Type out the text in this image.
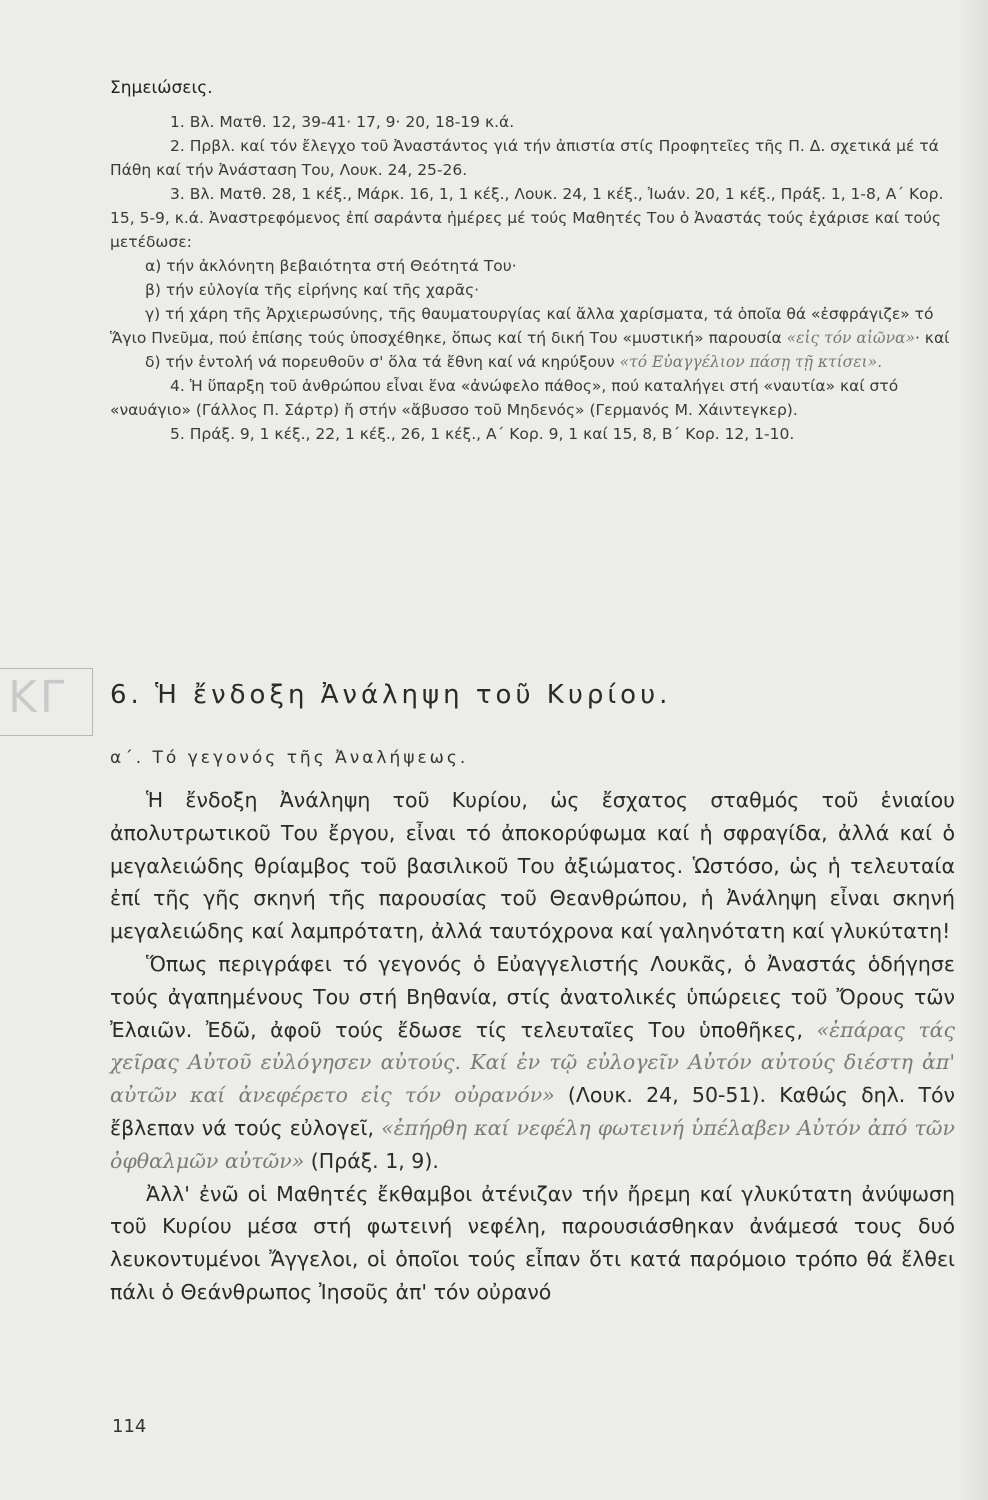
Σημειώσεις.

1. Βλ. Ματθ. 12, 39-41· 17, 9· 20, 18-19 κ.ά.

2. Πρβλ. καί τόν ἔλεγχο τοῦ Ἀναστάντος γιά τήν ἀπιστία στίς Προφητεῖες τῆς Π. Δ. σχετικά μέ τά Πάθη καί τήν Ἀνάσταση Του, Λουκ. 24, 25-26.

3. Βλ. Ματθ. 28, 1 κέξ., Μάρκ. 16, 1, 1 κέξ., Λουκ. 24, 1 κέξ., Ἰωάν. 20, 1 κέξ., Πράξ. 1, 1-8, Α΄ Κορ. 15, 5-9, κ.ά. Ἀναστρεφόμενος ἐπί σαράντα ἡμέρες μέ τούς Μαθητές Του ὁ Ἀναστάς τούς ἐχάρισε καί τούς μετέδωσε:

α) τήν ἀκλόνητη βεβαιότητα στή Θεότητά Του·

β) τήν εὐλογία τῆς εἰρήνης καί τῆς χαρᾶς·

γ) τή χάρη τῆς Ἀρχιερωσύνης, τῆς θαυματουργίας καί ἄλλα χαρίσματα, τά ὁποῖα θά «ἐσφράγιζε» τό Ἅγιο Πνεῦμα, πού ἐπίσης τούς ὑποσχέθηκε, ὅπως καί τή δική Του «μυστική» παρουσία «εἰς τόν αἰῶνα»· καί

δ) τήν ἐντολή νά πορευθοῦν σ' ὅλα τά ἔθνη καί νά κηρύξουν «τό Εὐαγγέλιον πάσῃ τῇ κτίσει».

4. Ἡ ὕπαρξη τοῦ ἀνθρώπου εἶναι ἕνα «ἀνώφελο πάθος», πού καταλήγει στή «ναυτία» καί στό «ναυάγιο» (Γάλλος Π. Σάρτρ) ἤ στήν «ἄβυσσο τοῦ Μηδενός» (Γερμανός Μ. Χάιντεγκερ).

5. Πράξ. 9, 1 κέξ., 22, 1 κέξ., 26, 1 κέξ., Α΄ Κορ. 9, 1 καί 15, 8, Β΄ Κορ. 12, 1-10.

ΚΓ 6. Ἡ ἔνδοξη Ἀνάληψη τοῦ Κυρίου.
α΄. Τό γεγονός τῆς Ἀναλήψεως.

Ἡ ἔνδοξη Ἀνάληψη τοῦ Κυρίου, ὡς ἔσχατος σταθμός τοῦ ἑνιαίου ἀπολυτρωτικοῦ Του ἔργου, εἶναι τό ἀποκορύφωμα καί ἡ σφραγίδα, ἀλλά καί ὁ μεγαλειώδης θρίαμβος τοῦ βασιλικοῦ Του ἀξιώματος. Ὡστόσο, ὡς ἡ τελευταία ἐπί τῆς γῆς σκηνή τῆς παρουσίας τοῦ Θεανθρώπου, ἡ Ἀνάληψη εἶναι σκηνή μεγαλειώδης καί λαμπρότατη, ἀλλά ταυτόχρονα καί γαληνότατη καί γλυκύτατη!

Ὅπως περιγράφει τό γεγονός ὁ Εὐαγγελιστής Λουκᾶς, ὁ Ἀναστάς ὁδήγησε τούς ἀγαπημένους Του στή Βηθανία, στίς ἀνατολικές ὑπώρειες τοῦ Ὄρους τῶν Ἐλαιῶν. Ἐδῶ, ἀφοῦ τούς ἔδωσε τίς τελευταῖες Του ὑποθῆκες, «ἐπάρας τάς χεῖρας Αὐτοῦ εὐλόγησεν αὐτούς. Καί ἐν τῷ εὐλογεῖν Αὐτόν αὐτούς διέστη ἀπ' αὐτῶν καί ἀνεφέρετο εἰς τόν οὐρανόν» (Λουκ. 24, 50-51). Καθώς δηλ. Τόν ἔβλεπαν νά τούς εὐλογεῖ, «ἐπήρθη καί νεφέλη φωτεινή ὑπέλαβεν Αὐτόν ἀπό τῶν ὀφθαλμῶν αὐτῶν» (Πράξ. 1, 9).

Ἀλλ' ἐνῶ οἱ Μαθητές ἔκθαμβοι ἀτένιζαν τήν ἤρεμη καί γλυκύτατη ἀνύψωση τοῦ Κυρίου μέσα στή φωτεινή νεφέλη, παρουσιάσθηκαν ἀνάμεσά τους δυό λευκοντυμένοι Ἄγγελοι, οἱ ὁποῖοι τούς εἶπαν ὅτι κατά παρόμοιο τρόπο θά ἔλθει πάλι ὁ Θεάνθρωπος Ἰησοῦς ἀπ' τόν οὐρανό

114
